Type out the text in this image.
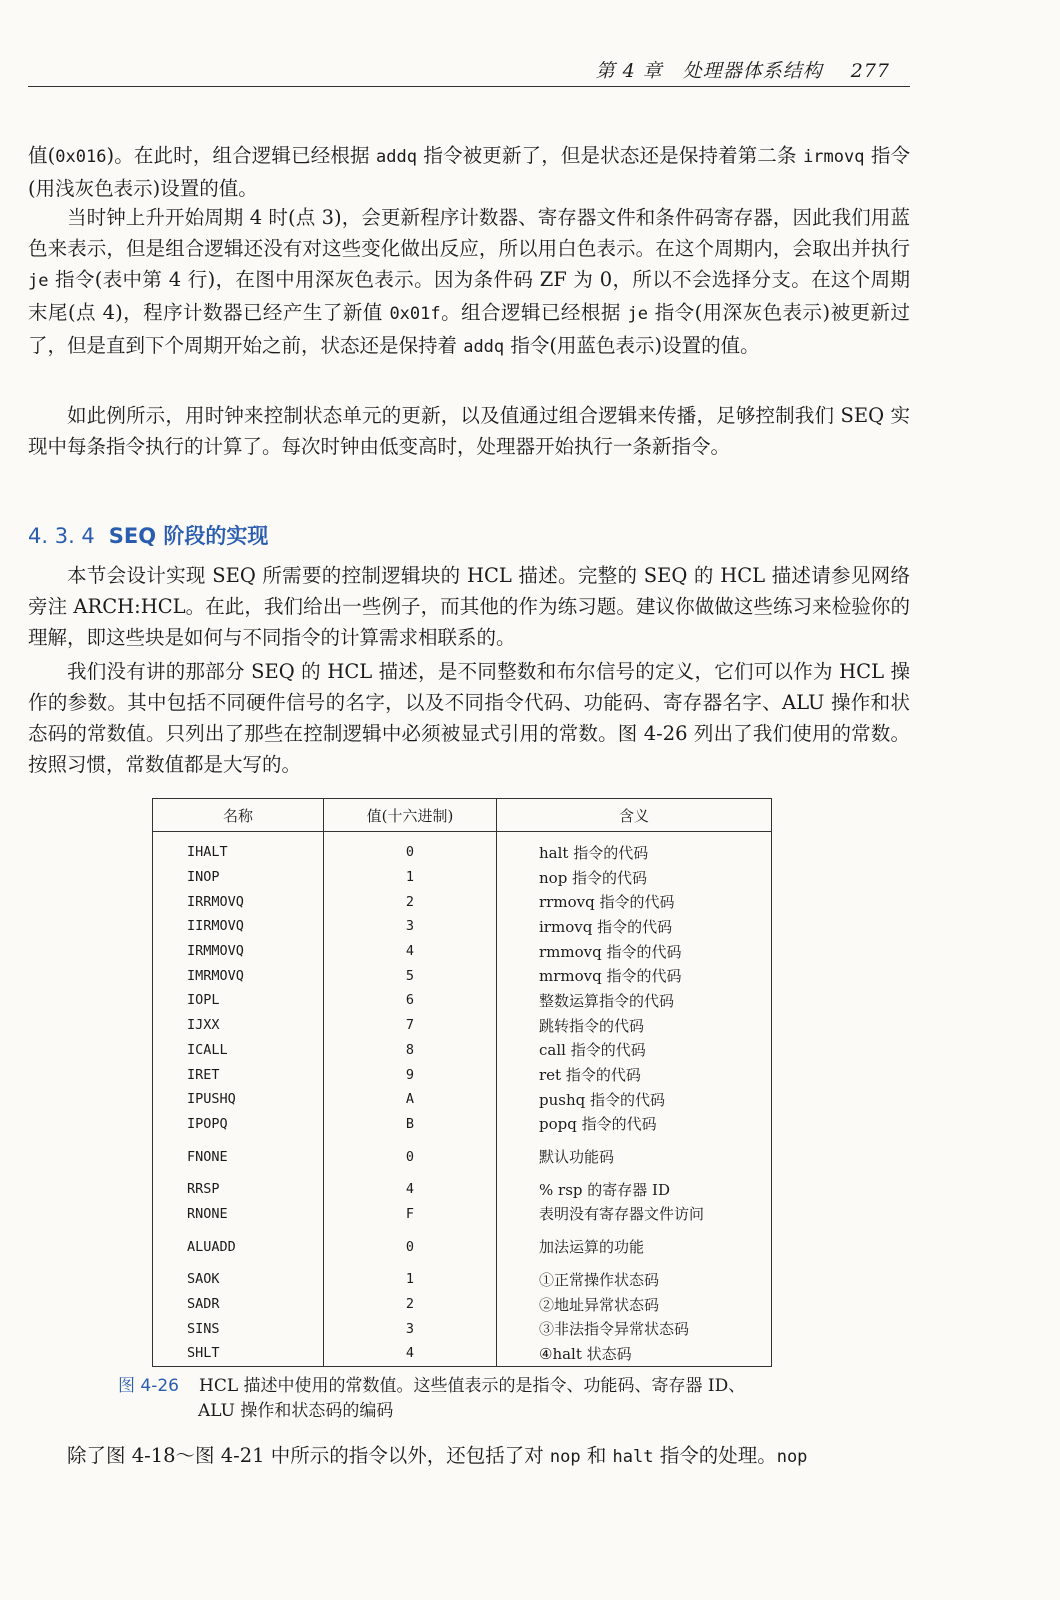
第 4 章　处理器体系结构 277

值(0x016)。在此时，组合逻辑已经根据 addq 指令被更新了，但是状态还是保持着第二条 irmovq 指令(用浅灰色表示)设置的值。

当时钟上升开始周期 4 时(点 3)，会更新程序计数器、寄存器文件和条件码寄存器，因此我们用蓝色来表示，但是组合逻辑还没有对这些变化做出反应，所以用白色表示。在这个周期内，会取出并执行 je 指令(表中第 4 行)，在图中用深灰色表示。因为条件码 ZF 为 0，所以不会选择分支。在这个周期末尾(点 4)，程序计数器已经产生了新值 0x01f。组合逻辑已经根据 je 指令(用深灰色表示)被更新过了，但是直到下个周期开始之前，状态还是保持着 addq 指令(用蓝色表示)设置的值。

如此例所示，用时钟来控制状态单元的更新，以及值通过组合逻辑来传播，足够控制我们 SEQ 实现中每条指令执行的计算了。每次时钟由低变高时，处理器开始执行一条新指令。

4. 3. 4 SEQ 阶段的实现

本节会设计实现 SEQ 所需要的控制逻辑块的 HCL 描述。完整的 SEQ 的 HCL 描述请参见网络旁注 ARCH:HCL。在此，我们给出一些例子，而其他的作为练习题。建议你做做这些练习来检验你的理解，即这些块是如何与不同指令的计算需求相联系的。

我们没有讲的那部分 SEQ 的 HCL 描述，是不同整数和布尔信号的定义，它们可以作为 HCL 操作的参数。其中包括不同硬件信号的名字，以及不同指令代码、功能码、寄存器名字、ALU 操作和状态码的常数值。只列出了那些在控制逻辑中必须被显式引用的常数。图 4-26 列出了我们使用的常数。按照习惯，常数值都是大写的。

名称	值(十六进制)	含义
IHALT	0	halt 指令的代码
INOP	1	nop 指令的代码
IRRMOVQ	2	rrmovq 指令的代码
IIRMOVQ	3	irmovq 指令的代码
IRMMOVQ	4	rmmovq 指令的代码
IMRMOVQ	5	mrmovq 指令的代码
IOPL	6	整数运算指令的代码
IJXX	7	跳转指令的代码
ICALL	8	call 指令的代码
IRET	9	ret 指令的代码
IPUSHQ	A	pushq 指令的代码
IPOPQ	B	popq 指令的代码
FNONE	0	默认功能码
RRSP	4	% rsp 的寄存器 ID
RNONE	F	表明没有寄存器文件访问
ALUADD	0	加法运算的功能
SAOK	1	①正常操作状态码
SADR	2	②地址异常状态码
SINS	3	③非法指令异常状态码
SHLT	4	④halt 状态码
图 4-26 HCL 描述中使用的常数值。这些值表示的是指令、功能码、寄存器 ID、
ALU 操作和状态码的编码

除了图 4-18～图 4-21 中所示的指令以外，还包括了对 nop 和 halt 指令的处理。nop
